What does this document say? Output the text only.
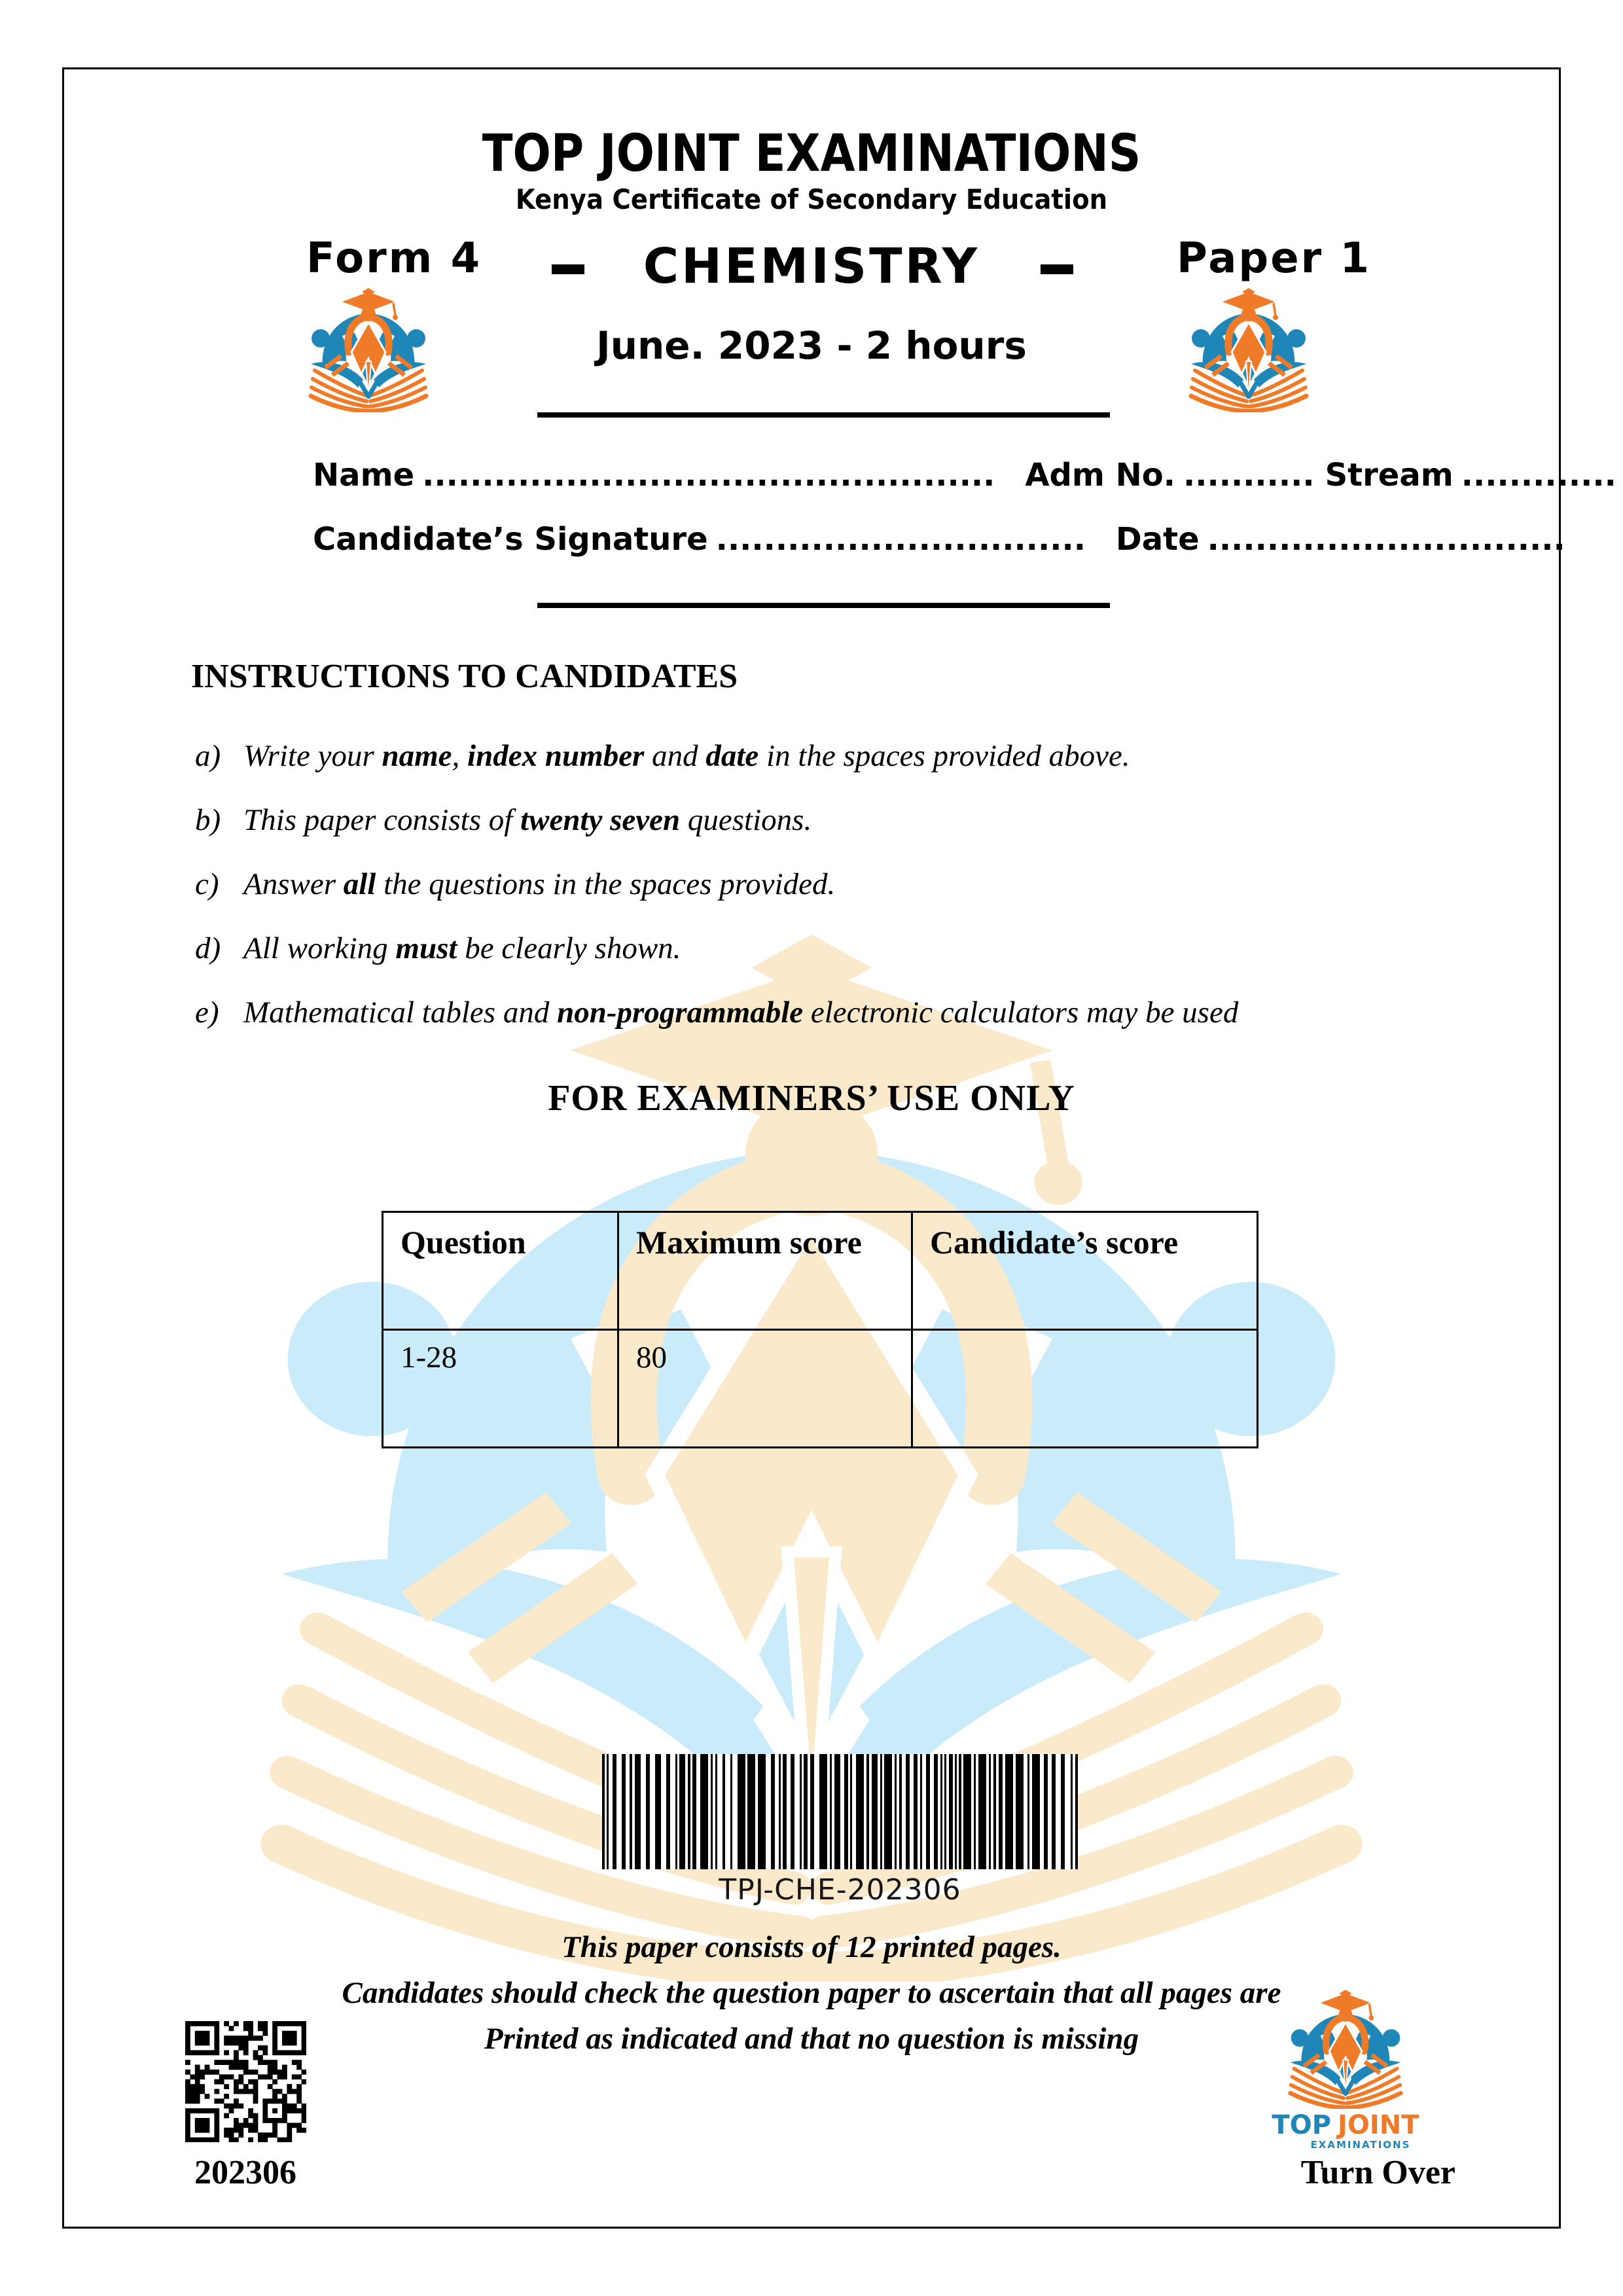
TOP JOINT EXAMINATIONS
Kenya Certificate of Secondary Education
Form 4	CHEMISTRY	Paper 1
June. 2023 - 2 hours
Name ................................................ Adm No. ........... Stream .............
Candidate’s Signature ............................... Date ..............................
INSTRUCTIONS TO CANDIDATES
a) Write your name, index number and date in the spaces provided above.
b) This paper consists of twenty seven questions.
c) Answer all the questions in the spaces provided.
d) All working must be clearly shown.
e) Mathematical tables and non-programmable electronic calculators may be used
FOR EXAMINERS’ USE ONLY
Question	Maximum score	Candidate’s score
1-28	80	
TPJ-CHE-202306
This paper consists of 12 printed pages.
Candidates should check the question paper to ascertain that all pages are
Printed as indicated and that no question is missing
202306
TOP JOINT
EXAMINATIONS
Turn Over
